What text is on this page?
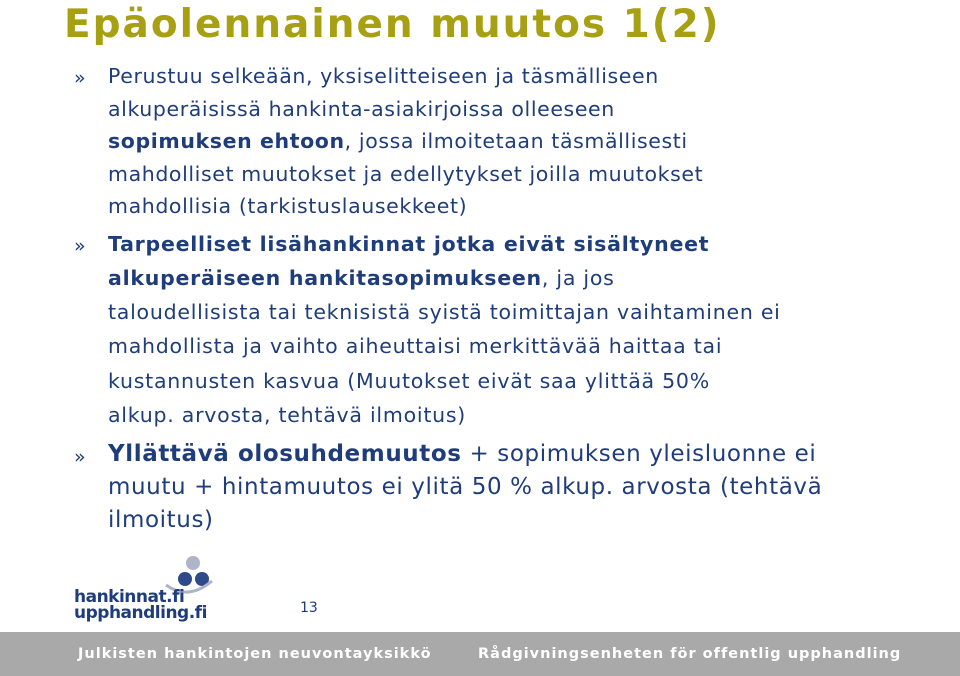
Epäolennainen muutos 1(2)
» Perustuu selkeään, yksiselitteiseen ja täsmälliseen
alkuperäisissä hankinta-asiakirjoissa olleeseen
sopimuksen ehtoon, jossa ilmoitetaan täsmällisesti
mahdolliset muutokset ja edellytykset joilla muutokset
mahdollisia (tarkistuslausekkeet)
» Tarpeelliset lisähankinnat jotka eivät sisältyneet
alkuperäiseen hankitasopimukseen, ja jos
taloudellisista tai teknisistä syistä toimittajan vaihtaminen ei
mahdollista ja vaihto aiheuttaisi merkittävää haittaa tai
kustannusten kasvua (Muutokset eivät saa ylittää 50%
alkup. arvosta, tehtävä ilmoitus)
» Yllättävä olosuhdemuutos + sopimuksen yleisluonne ei
muutu + hintamuutos ei ylitä 50 % alkup. arvosta (tehtävä
ilmoitus)
hankinnat.fi
upphandling.fi	13
Julkisten hankintojen neuvontayksikkö	Rådgivningsenheten för offentlig upphandling
